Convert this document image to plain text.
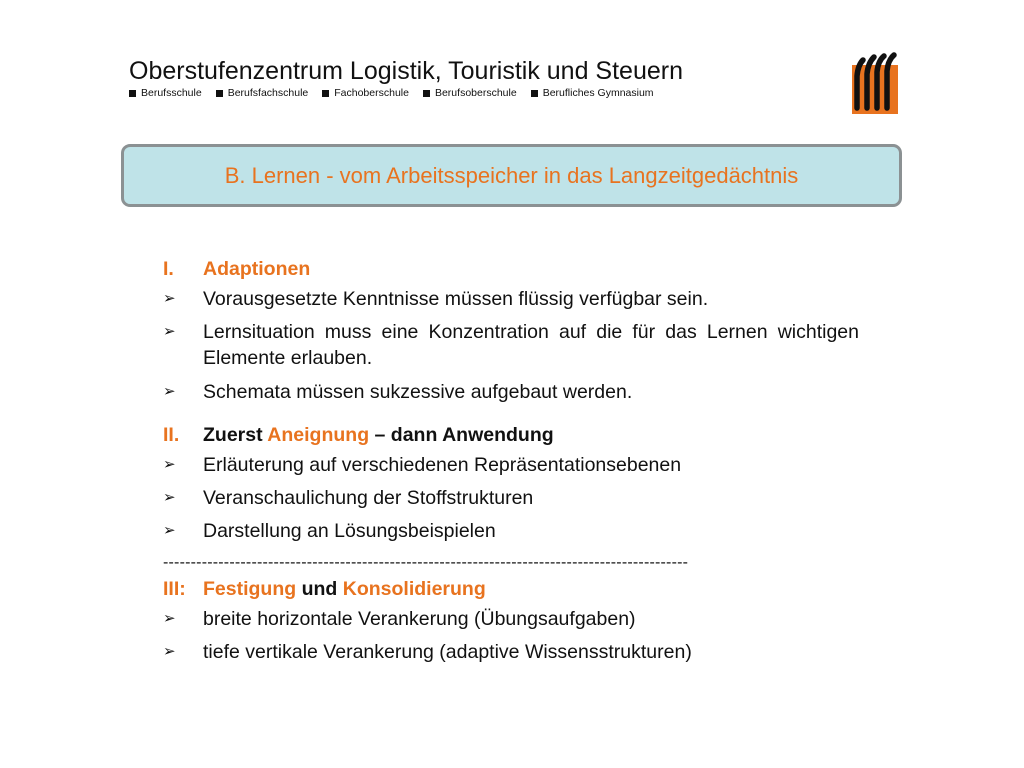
Oberstufenzentrum Logistik, Touristik und Steuern
Berufsschule Berufsfachschule Fachoberschule Berufsoberschule Berufliches Gymnasium
B. Lernen - vom Arbeitsspeicher in das Langzeitgedächtnis
I.	Adaptionen
➢	Vorausgesetzte Kenntnisse müssen flüssig verfügbar sein.
➢	Lernsituation muss eine Konzentration auf die für das Lernen wichtigen Elemente erlauben.
➢	Schemata müssen sukzessive aufgebaut werden.
II.	Zuerst Aneignung – dann Anwendung
➢	Erläuterung auf verschiedenen Repräsentationsebenen
➢	Veranschaulichung der Stoffstrukturen
➢	Darstellung an Lösungsbeispielen
-----------------------------------------------------------------------------------------------
III: Festigung und Konsolidierung
➢	breite horizontale Verankerung (Übungsaufgaben)
➢	tiefe vertikale Verankerung (adaptive Wissensstrukturen)
